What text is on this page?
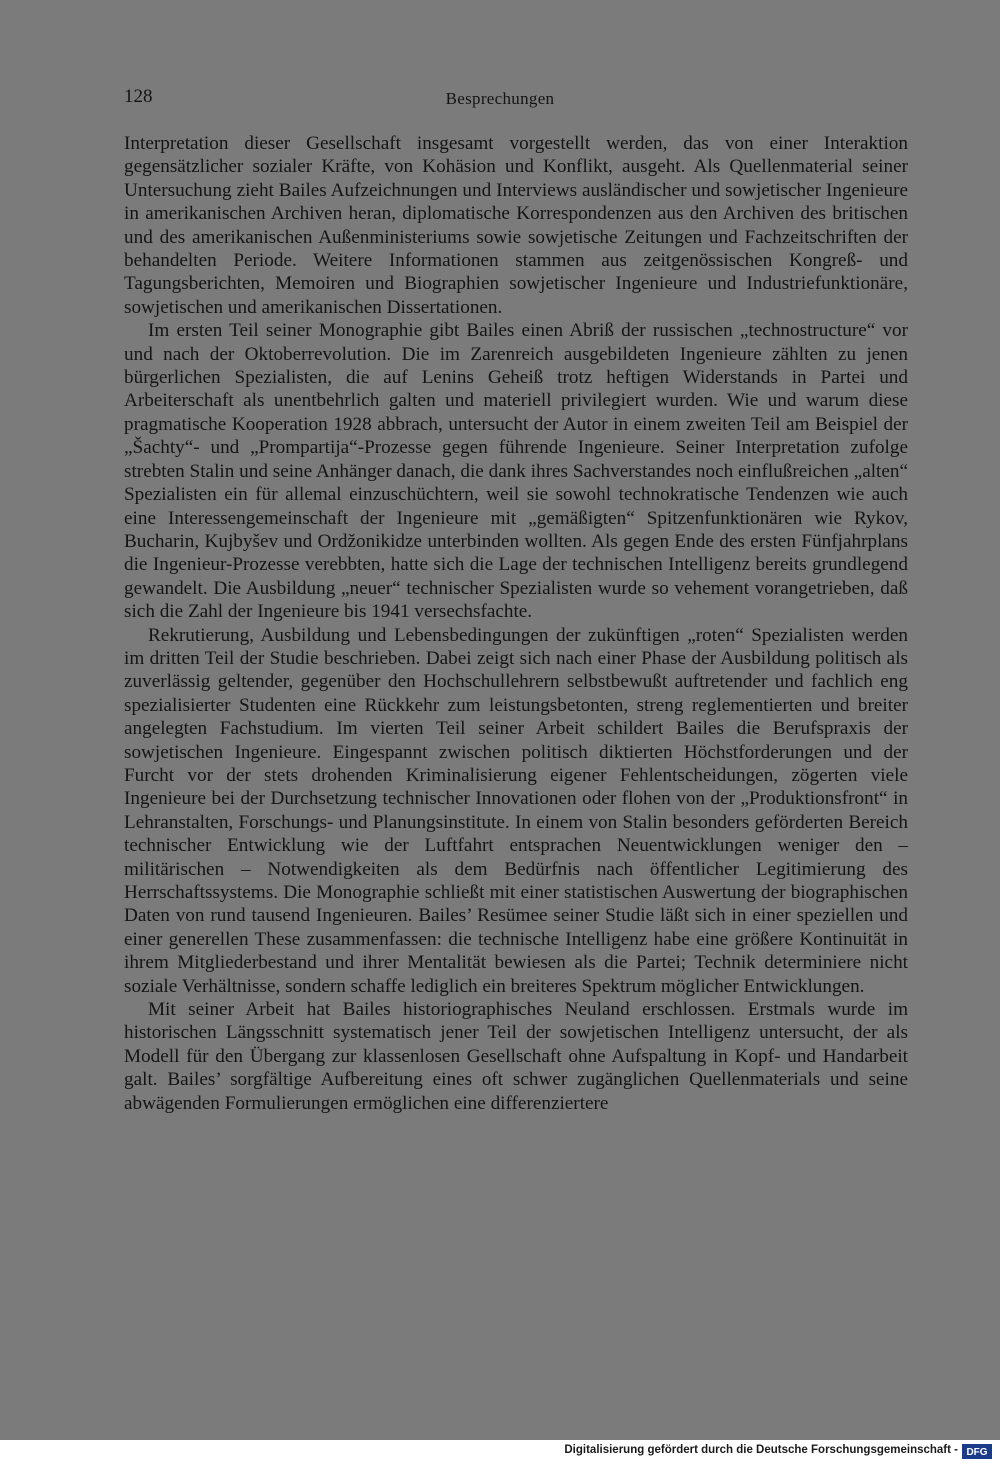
128	Besprechungen

Interpretation dieser Gesellschaft insgesamt vorgestellt werden, das von einer Interaktion gegensätzlicher sozialer Kräfte, von Kohäsion und Konflikt, ausgeht. Als Quellenmaterial seiner Untersuchung zieht Bailes Aufzeichnungen und Interviews ausländischer und sowjetischer Ingenieure in amerikanischen Archiven heran, diplomatische Korrespondenzen aus den Archiven des britischen und des amerikanischen Außenministeriums sowie sowjetische Zeitungen und Fachzeitschriften der behandelten Periode. Weitere Informationen stammen aus zeitgenössischen Kongreß- und Tagungsberichten, Memoiren und Biographien sowjetischer Ingenieure und Industriefunktionäre, sowjetischen und amerikanischen Dissertationen.

Im ersten Teil seiner Monographie gibt Bailes einen Abriß der russischen „technostructure“ vor und nach der Oktoberrevolution. Die im Zarenreich ausgebildeten Ingenieure zählten zu jenen bürgerlichen Spezialisten, die auf Lenins Geheiß trotz heftigen Widerstands in Partei und Arbeiterschaft als unentbehrlich galten und materiell privilegiert wurden. Wie und warum diese pragmatische Kooperation 1928 abbrach, untersucht der Autor in einem zweiten Teil am Beispiel der „Šachty“- und „Prompartija“-Prozesse gegen führende Ingenieure. Seiner Interpretation zufolge strebten Stalin und seine Anhänger danach, die dank ihres Sachverstandes noch einflußreichen „alten“ Spezialisten ein für allemal einzuschüchtern, weil sie sowohl technokratische Tendenzen wie auch eine Interessengemeinschaft der Ingenieure mit „gemäßigten“ Spitzenfunktionären wie Rykov, Bucharin, Kujbyšev und Ordžonikidze unterbinden wollten. Als gegen Ende des ersten Fünfjahrplans die Ingenieur-Prozesse verebbten, hatte sich die Lage der technischen Intelligenz bereits grundlegend gewandelt. Die Ausbildung „neuer“ technischer Spezialisten wurde so vehement vorangetrieben, daß sich die Zahl der Ingenieure bis 1941 versechsfachte.

Rekrutierung, Ausbildung und Lebensbedingungen der zukünftigen „roten“ Spezialisten werden im dritten Teil der Studie beschrieben. Dabei zeigt sich nach einer Phase der Ausbildung politisch als zuverlässig geltender, gegenüber den Hochschullehrern selbstbewußt auftretender und fachlich eng spezialisierter Studenten eine Rückkehr zum leistungsbetonten, streng reglementierten und breiter angelegten Fachstudium. Im vierten Teil seiner Arbeit schildert Bailes die Berufspraxis der sowjetischen Ingenieure. Eingespannt zwischen politisch diktierten Höchstforderungen und der Furcht vor der stets drohenden Kriminalisierung eigener Fehlentscheidungen, zögerten viele Ingenieure bei der Durchsetzung technischer Innovationen oder flohen von der „Produktionsfront“ in Lehranstalten, Forschungs- und Planungsinstitute. In einem von Stalin besonders geförderten Bereich technischer Entwicklung wie der Luftfahrt entsprachen Neuentwicklungen weniger den – militärischen – Notwendigkeiten als dem Bedürfnis nach öffentlicher Legitimierung des Herrschaftssystems. Die Monographie schließt mit einer statistischen Auswertung der biographischen Daten von rund tausend Ingenieuren. Bailes’ Resümee seiner Studie läßt sich in einer speziellen und einer generellen These zusammenfassen: die technische Intelligenz habe eine größere Kontinuität in ihrem Mitgliederbestand und ihrer Mentalität bewiesen als die Partei; Technik determiniere nicht soziale Verhältnisse, sondern schaffe lediglich ein breiteres Spektrum möglicher Entwicklungen.

Mit seiner Arbeit hat Bailes historiographisches Neuland erschlossen. Erstmals wurde im historischen Längsschnitt systematisch jener Teil der sowjetischen Intelligenz untersucht, der als Modell für den Übergang zur klassenlosen Gesellschaft ohne Aufspaltung in Kopf- und Handarbeit galt. Bailes’ sorgfältige Aufbereitung eines oft schwer zugänglichen Quellenmaterials und seine abwägenden Formulierungen ermöglichen eine differenziertere

Digitalisierung gefördert durch die Deutsche Forschungsgemeinschaft - DFG
